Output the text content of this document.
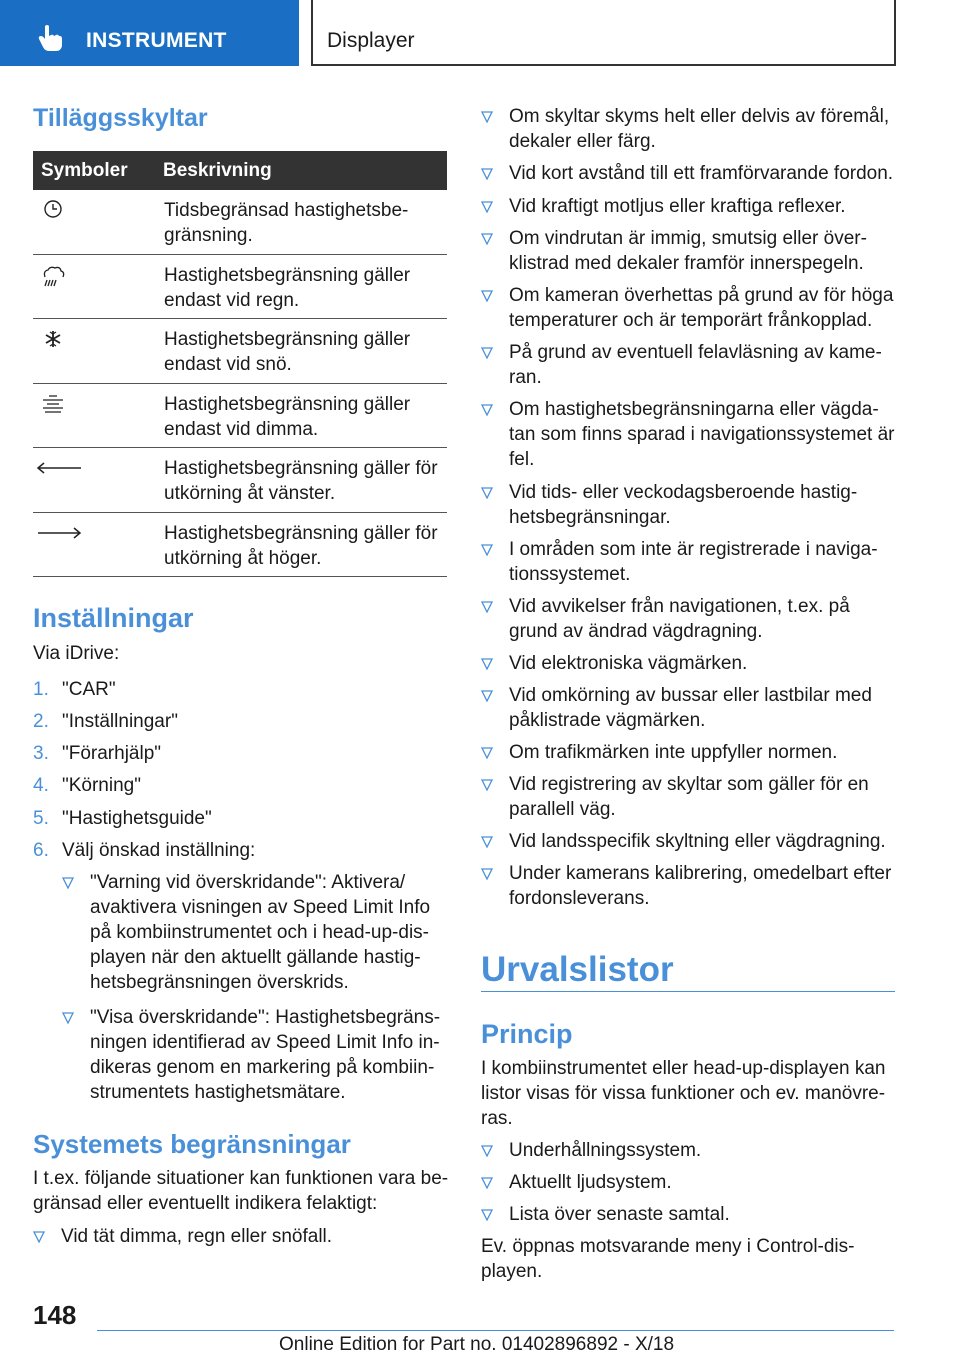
INSTRUMENT	Displayer
Tilläggsskyltar
Symboler	Beskrivning
Tidsbegränsad hastighetsbe-
gränsning.
Hastighetsbegränsning gäller
endast vid regn.
Hastighetsbegränsning gäller
endast vid snö.
Hastighetsbegränsning gäller
endast vid dimma.
Hastighetsbegränsning gäller för
utkörning åt vänster.
Hastighetsbegränsning gäller för
utkörning åt höger.
Inställningar
Via iDrive:
1. "CAR"
2. "Inställningar"
3. "Förarhjälp"
4. "Körning"
5. "Hastighetsguide"
6. Välj önskad inställning:
"Varning vid överskridande": Aktivera/
avaktivera visningen av Speed Limit Info
på kombiinstrumentet och i head-up-dis-
playen när den aktuellt gällande hastig-
hetsbegränsningen överskrids.
"Visa överskridande": Hastighetsbegräns-
ningen identifierad av Speed Limit Info in-
dikeras genom en markering på kombiin-
strumentets hastighetsmätare.
Systemets begränsningar
I t.ex. följande situationer kan funktionen vara be-
gränsad eller eventuellt indikera felaktigt:
Vid tät dimma, regn eller snöfall.
Om skyltar skyms helt eller delvis av föremål,
dekaler eller färg.
Vid kort avstånd till ett framförvarande fordon.
Vid kraftigt motljus eller kraftiga reflexer.
Om vindrutan är immig, smutsig eller över-
klistrad med dekaler framför innerspegeln.
Om kameran överhettas på grund av för höga
temperaturer och är temporärt frånkopplad.
På grund av eventuell felavläsning av kame-
ran.
Om hastighetsbegränsningarna eller vägda-
tan som finns sparad i navigationssystemet är
fel.
Vid tids- eller veckodagsberoende hastig-
hetsbegränsningar.
I områden som inte är registrerade i naviga-
tionssystemet.
Vid avvikelser från navigationen, t.ex. på
grund av ändrad vägdragning.
Vid elektroniska vägmärken.
Vid omkörning av bussar eller lastbilar med
påklistrade vägmärken.
Om trafikmärken inte uppfyller normen.
Vid registrering av skyltar som gäller för en
parallell väg.
Vid landsspecifik skyltning eller vägdragning.
Under kamerans kalibrering, omedelbart efter
fordonsleverans.
Urvalslistor
Princip
I kombiinstrumentet eller head-up-displayen kan
listor visas för vissa funktioner och ev. manövre-
ras.
Underhållningssystem.
Aktuellt ljudsystem.
Lista över senaste samtal.
Ev. öppnas motsvarande meny i Control-dis-
playen.
148
Online Edition for Part no. 01402896892 - X/18
